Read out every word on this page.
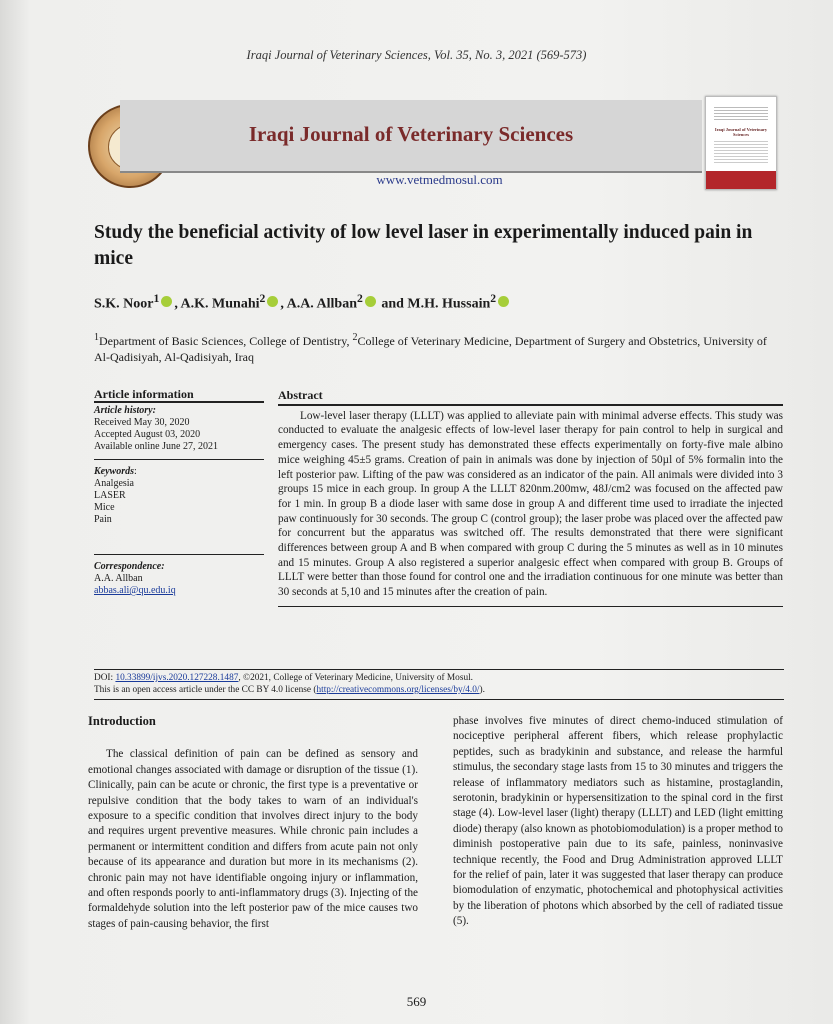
Iraqi Journal of Veterinary Sciences, Vol. 35, No. 3, 2021 (569-573)
Iraqi Journal of Veterinary Sciences
www.vetmedmosul.com
Iraqi Journal of Veterinary Sciences
Study the beneficial activity of low level laser in experimentally induced pain in mice
S.K. Noor$^1$ , A.K. Munahi$^2$ , A.A. Allban$^2$ and M.H. Hussain$^2$
$^1$Department of Basic Sciences, College of Dentistry, $^2$College of Veterinary Medicine, Department of Surgery and Obstetrics, University of Al-Qadisiyah, Al-Qadisiyah, Iraq
Article information
Article history:
Received May 30, 2020
Accepted August 03, 2020
Available online June 27, 2021
Keywords:
Analgesia
LASER
Mice
Pain
Correspondence:
A.A. Allban
abbas.ali@qu.edu.iq
Abstract

Low-level laser therapy (LLLT) was applied to alleviate pain with minimal adverse effects. This study was conducted to evaluate the analgesic effects of low-level laser therapy for pain control to help in surgical and emergency cases. The present study has demonstrated these effects experimentally on forty-five male albino mice weighing 45±5 grams. Creation of pain in animals was done by injection of 50µl of 5% formalin into the left posterior paw. Lifting of the paw was considered as an indicator of the pain. All animals were divided into 3 groups 15 mice in each group. In group A the LLLT 820nm.200mw, 48J/cm2 was focused on the affected paw for 1 min. In group B a diode laser with same dose in group A and different time used to irradiate the injected paw continuously for 30 seconds. The group C (control group); the laser probe was placed over the affected paw for concurrent but the apparatus was switched off. The results demonstrated that there were significant differences between group A and B when compared with group C during the 5 minutes as well as in 10 minutes and 15 minutes. Group A also registered a superior analgesic effect when compared with group B. Groups of LLLT were better than those found for control one and the irradiation continuous for one minute was better than 30 seconds at 5,10 and 15 minutes after the creation of pain.

DOI: 10.33899/ijvs.2020.127228.1487, ©2021, College of Veterinary Medicine, University of Mosul.
This is an open access article under the CC BY 4.0 license (http://creativecommons.org/licenses/by/4.0/).
Introduction

The classical definition of pain can be defined as sensory and emotional changes associated with damage or disruption of the tissue (1). Clinically, pain can be acute or chronic, the first type is a preventative or repulsive condition that the body takes to warn of an individual's exposure to a specific condition that involves direct injury to the body and requires urgent preventive measures. While chronic pain includes a permanent or intermittent condition and differs from acute pain not only because of its appearance and duration but more in its mechanisms (2). chronic pain may not have identifiable ongoing injury or inflammation, and often responds poorly to anti-inflammatory drugs (3). Injecting of the formaldehyde solution into the left posterior paw of the mice causes two stages of pain-causing behavior, the first

phase involves five minutes of direct chemo-induced stimulation of nociceptive peripheral afferent fibers, which release prophylactic peptides, such as bradykinin and substance, and release the harmful stimulus, the secondary stage lasts from 15 to 30 minutes and triggers the release of inflammatory mediators such as histamine, prostaglandin, serotonin, bradykinin or hypersensitization to the spinal cord in the first stage (4). Low-level laser (light) therapy (LLLT) and LED (light emitting diode) therapy (also known as photobiomodulation) is a proper method to diminish postoperative pain due to its safe, painless, noninvasive technique recently, the Food and Drug Administration approved LLLT for the relief of pain, later it was suggested that laser therapy can produce biomodulation of enzymatic, photochemical and photophysical activities by the liberation of photons which absorbed by the cell of radiated tissue (5).

569
